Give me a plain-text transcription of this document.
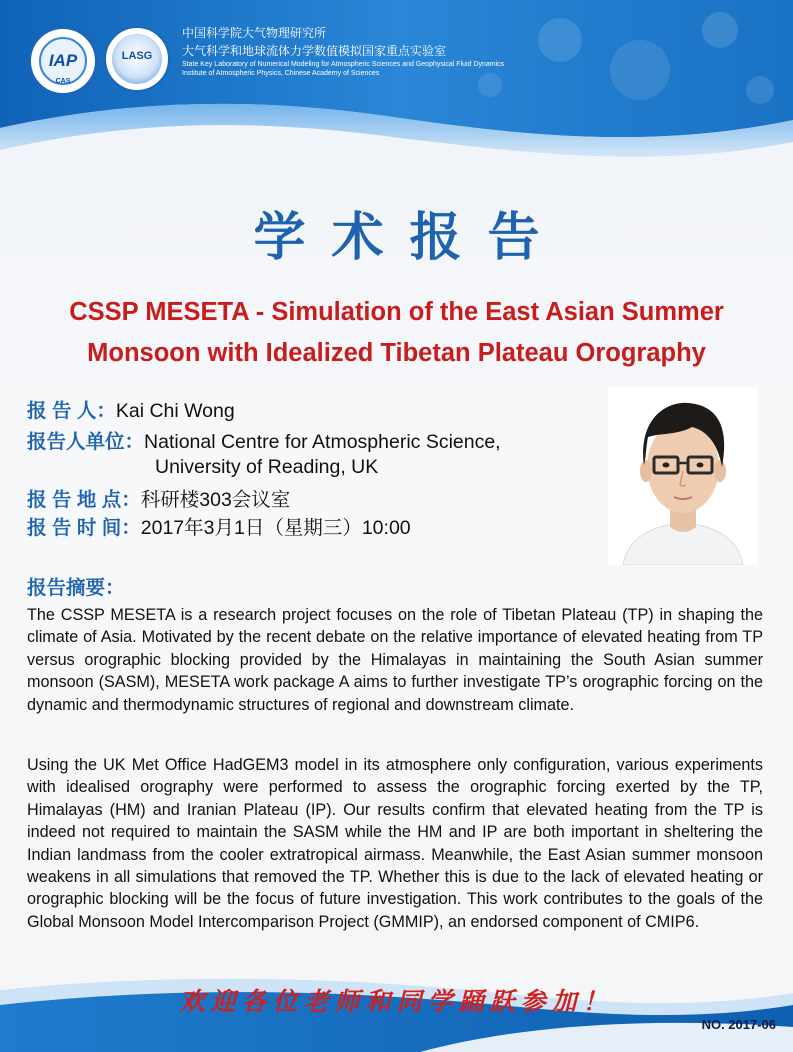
IAP
CAS
LASG
中国科学院大气物理研究所
大气科学和地球流体力学数值模拟国家重点实验室
State Key Laboratory of Numerical Modeling for Atmospheric Sciences and Geophysical Fluid Dynamics
Institute of Atmospheric Physics, Chinese Academy of Sciences
学术报告
CSSP MESETA - Simulation of the East Asian Summer
Monsoon with Idealized Tibetan Plateau Orography
报 告 人：Kai Chi Wong
报告人单位：National Centre for Atmospheric Science,
University of Reading, UK
报 告 地 点：科研楼303会议室
报 告 时 间：2017年3月1日（星期三）10:00
报告摘要：
The CSSP MESETA is a research project focuses on the role of Tibetan Plateau (TP) in shaping the climate of Asia. Motivated by the recent debate on the relative importance of elevated heating from TP versus orographic blocking provided by the Himalayas in maintaining the South Asian summer monsoon (SASM), MESETA work package A aims to further investigate TP’s orographic forcing on the dynamic and thermodynamic structures of regional and downstream climate.
Using the UK Met Office HadGEM3 model in its atmosphere only configuration, various experiments with idealised orography were performed to assess the orographic forcing exerted by the TP, Himalayas (HM) and Iranian Plateau (IP). Our results confirm that elevated heating from the TP is indeed not required to maintain the SASM while the HM and IP are both important in sheltering the Indian landmass from the cooler extratropical airmass. Meanwhile, the East Asian summer monsoon weakens in all simulations that removed the TP. Whether this is due to the lack of elevated heating or orographic blocking will be the focus of future investigation. This work contributes to the goals of the Global Monsoon Model Intercomparison Project (GMMIP), an endorsed component of CMIP6.
欢迎各位老师和同学踊跃参加！
NO. 2017-06
